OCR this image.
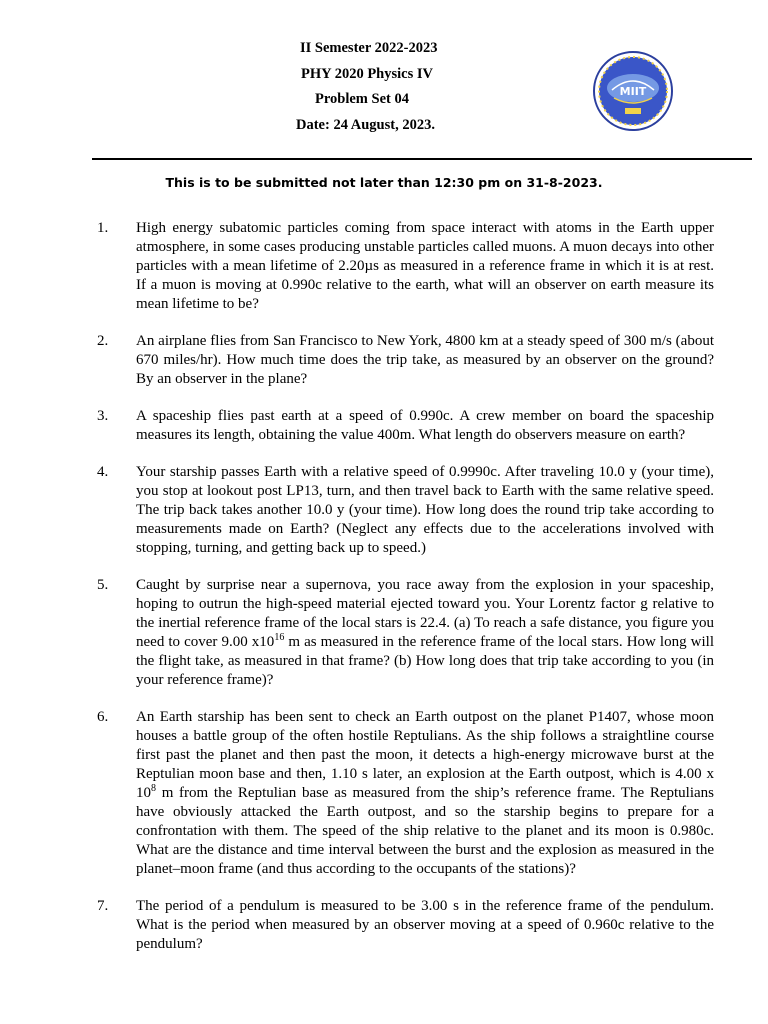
II Semester 2022-2023
PHY 2020 Physics IV
Problem Set 04
Date: 24 August, 2023.
MIIT
This is to be submitted not later than 12:30 pm on 31-8-2023.
1. High energy subatomic particles coming from space interact with atoms in the Earth upper atmosphere, in some cases producing unstable particles called muons. A muon decays into other particles with a mean lifetime of 2.20µs as measured in a reference frame in which it is at rest. If a muon is moving at 0.990c relative to the earth, what will an observer on earth measure its mean lifetime to be?
2. An airplane flies from San Francisco to New York, 4800 km at a steady speed of 300 m/s (about 670 miles/hr). How much time does the trip take, as measured by an observer on the ground? By an observer in the plane?
3. A spaceship flies past earth at a speed of 0.990c. A crew member on board the spaceship measures its length, obtaining the value 400m. What length do observers measure on earth?
4. Your starship passes Earth with a relative speed of 0.9990c. After traveling 10.0 y (your time), you stop at lookout post LP13, turn, and then travel back to Earth with the same relative speed. The trip back takes another 10.0 y (your time). How long does the round trip take according to measurements made on Earth? (Neglect any effects due to the accelerations involved with stopping, turning, and getting back up to speed.)
5. Caught by surprise near a supernova, you race away from the explosion in your spaceship, hoping to outrun the high-speed material ejected toward you. Your Lorentz factor g relative to the inertial reference frame of the local stars is 22.4. (a) To reach a safe distance, you figure you need to cover 9.00 $x10^{16}$ m as measured in the reference frame of the local stars. How long will the flight take, as measured in that frame? (b) How long does that trip take according to you (in your reference frame)?
6. An Earth starship has been sent to check an Earth outpost on the planet P1407, whose moon houses a battle group of the often hostile Reptulians. As the ship follows a straightline course first past the planet and then past the moon, it detects a high-energy microwave burst at the Reptulian moon base and then, 1.10 s later, an explosion at the Earth outpost, which is 4.00 x $10^8$ m from the Reptulian base as measured from the ship’s reference frame. The Reptulians have obviously attacked the Earth outpost, and so the starship begins to prepare for a confrontation with them. The speed of the ship relative to the planet and its moon is 0.980c. What are the distance and time interval between the burst and the explosion as measured in the planet–moon frame (and thus according to the occupants of the stations)?
7. The period of a pendulum is measured to be 3.00 s in the reference frame of the pendulum. What is the period when measured by an observer moving at a speed of 0.960c relative to the pendulum?
